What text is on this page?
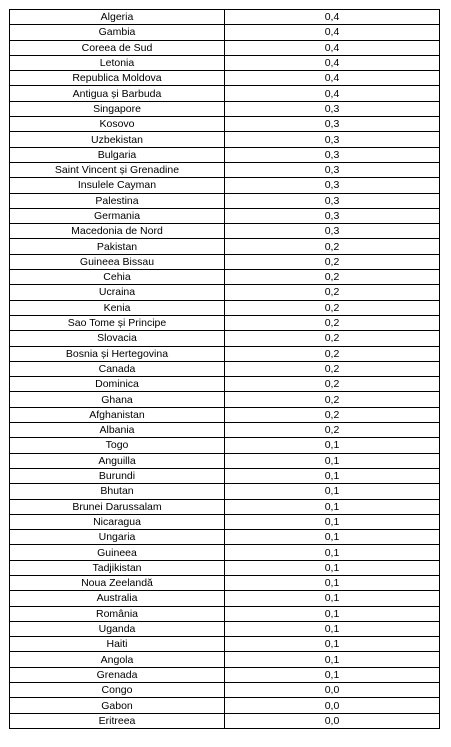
Algeria	0,4
Gambia	0,4
Coreea de Sud	0,4
Letonia	0,4
Republica Moldova	0,4
Antigua și Barbuda	0,4
Singapore	0,3
Kosovo	0,3
Uzbekistan	0,3
Bulgaria	0,3
Saint Vincent și Grenadine	0,3
Insulele Cayman	0,3
Palestina	0,3
Germania	0,3
Macedonia de Nord	0,3
Pakistan	0,2
Guineea Bissau	0,2
Cehia	0,2
Ucraina	0,2
Kenia	0,2
Sao Tome și Principe	0,2
Slovacia	0,2
Bosnia și Hertegovina	0,2
Canada	0,2
Dominica	0,2
Ghana	0,2
Afghanistan	0,2
Albania	0,2
Togo	0,1
Anguilla	0,1
Burundi	0,1
Bhutan	0,1
Brunei Darussalam	0,1
Nicaragua	0,1
Ungaria	0,1
Guineea	0,1
Tadjikistan	0,1
Noua Zeelandă	0,1
Australia	0,1
România	0,1
Uganda	0,1
Haiti	0,1
Angola	0,1
Grenada	0,1
Congo	0,0
Gabon	0,0
Eritreea	0,0
